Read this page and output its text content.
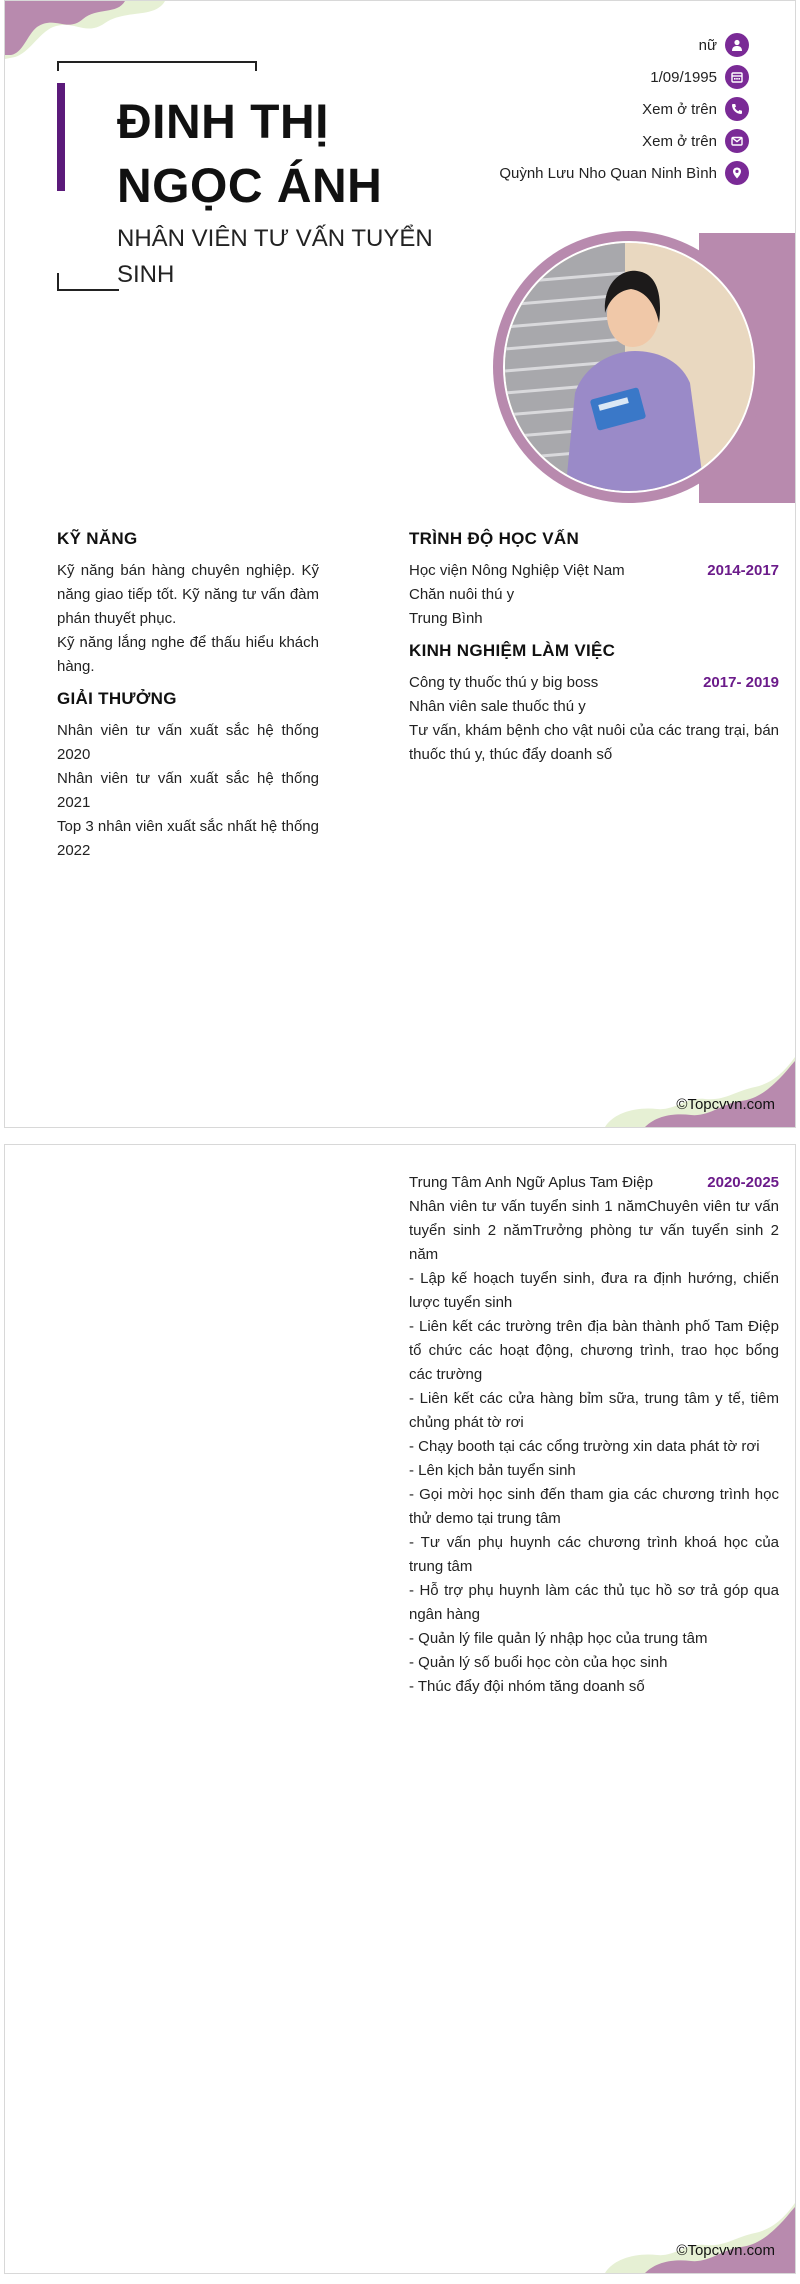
ĐINH THỊ
NGỌC ÁNH
NHÂN VIÊN TƯ VẤN TUYỂN SINH
nữ
1/09/1995
Xem ở trên
Xem ở trên
Quỳnh Lưu Nho Quan Ninh Bình
KỸ NĂNG
Kỹ năng bán hàng chuyên nghiệp. Kỹ năng giao tiếp tốt. Kỹ năng tư vấn đàm phán thuyết phục.
Kỹ năng lắng nghe để thấu hiểu khách hàng.
GIẢI THƯỞNG
Nhân viên tư vấn xuất sắc hệ thống 2020
Nhân viên tư vấn xuất sắc hệ thống 2021
Top 3 nhân viên xuất sắc nhất hệ thống 2022
TRÌNH ĐỘ HỌC VẤN
Học viện Nông Nghiệp Việt Nam	2014-2017
Chăn nuôi thú y
Trung Bình
KINH NGHIỆM LÀM VIỆC
Công ty thuốc thú y big boss	2017- 2019
Nhân viên sale thuốc thú y
Tư vấn, khám bệnh cho vật nuôi của các trang trại, bán thuốc thú y, thúc đẩy doanh số
©Topcvvn.com
Trung Tâm Anh Ngữ Aplus Tam Điệp	2020-2025
Nhân viên tư vấn tuyển sinh 1 nămChuyên viên tư vấn tuyển sinh 2 nămTrưởng phòng tư vấn tuyển sinh 2 năm
- Lập kế hoạch tuyển sinh, đưa ra định hướng, chiến lược tuyển sinh
- Liên kết các trường trên địa bàn thành phố Tam Điệp tổ chức các hoạt động, chương trình, trao học bổng các trường
- Liên kết các cửa hàng bỉm sữa, trung tâm y tế, tiêm chủng phát tờ rơi
- Chạy booth tại các cổng trường xin data phát tờ rơi
- Lên kịch bản tuyển sinh
- Gọi mời học sinh đến tham gia các chương trình học thử demo tại trung tâm
- Tư vấn phụ huynh các chương trình khoá học của trung tâm
- Hỗ trợ phụ huynh làm các thủ tục hồ sơ trả góp qua ngân hàng
- Quản lý file quản lý nhập học của trung tâm
- Quản lý số buổi học còn của học sinh
- Thúc đẩy đội nhóm tăng doanh số
©Topcvvn.com
